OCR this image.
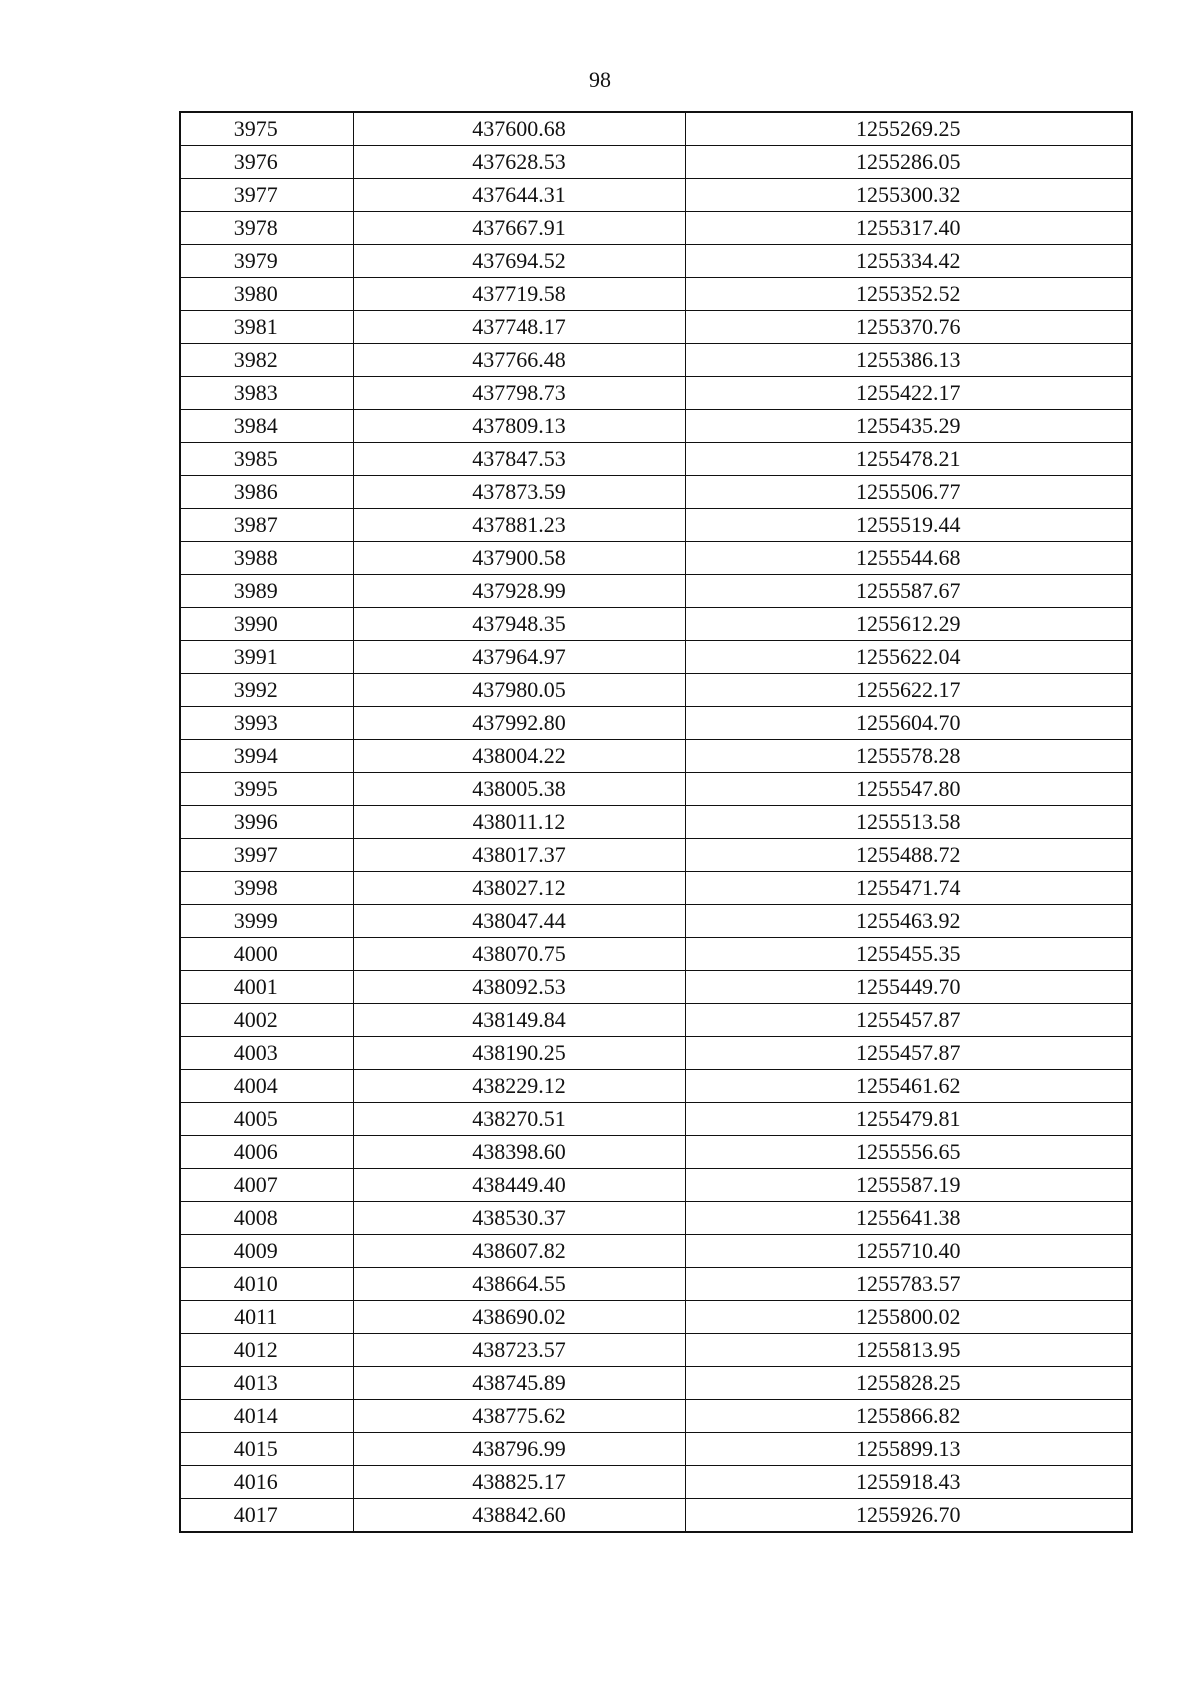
98
3975	437600.68	1255269.25
3976	437628.53	1255286.05
3977	437644.31	1255300.32
3978	437667.91	1255317.40
3979	437694.52	1255334.42
3980	437719.58	1255352.52
3981	437748.17	1255370.76
3982	437766.48	1255386.13
3983	437798.73	1255422.17
3984	437809.13	1255435.29
3985	437847.53	1255478.21
3986	437873.59	1255506.77
3987	437881.23	1255519.44
3988	437900.58	1255544.68
3989	437928.99	1255587.67
3990	437948.35	1255612.29
3991	437964.97	1255622.04
3992	437980.05	1255622.17
3993	437992.80	1255604.70
3994	438004.22	1255578.28
3995	438005.38	1255547.80
3996	438011.12	1255513.58
3997	438017.37	1255488.72
3998	438027.12	1255471.74
3999	438047.44	1255463.92
4000	438070.75	1255455.35
4001	438092.53	1255449.70
4002	438149.84	1255457.87
4003	438190.25	1255457.87
4004	438229.12	1255461.62
4005	438270.51	1255479.81
4006	438398.60	1255556.65
4007	438449.40	1255587.19
4008	438530.37	1255641.38
4009	438607.82	1255710.40
4010	438664.55	1255783.57
4011	438690.02	1255800.02
4012	438723.57	1255813.95
4013	438745.89	1255828.25
4014	438775.62	1255866.82
4015	438796.99	1255899.13
4016	438825.17	1255918.43
4017	438842.60	1255926.70
